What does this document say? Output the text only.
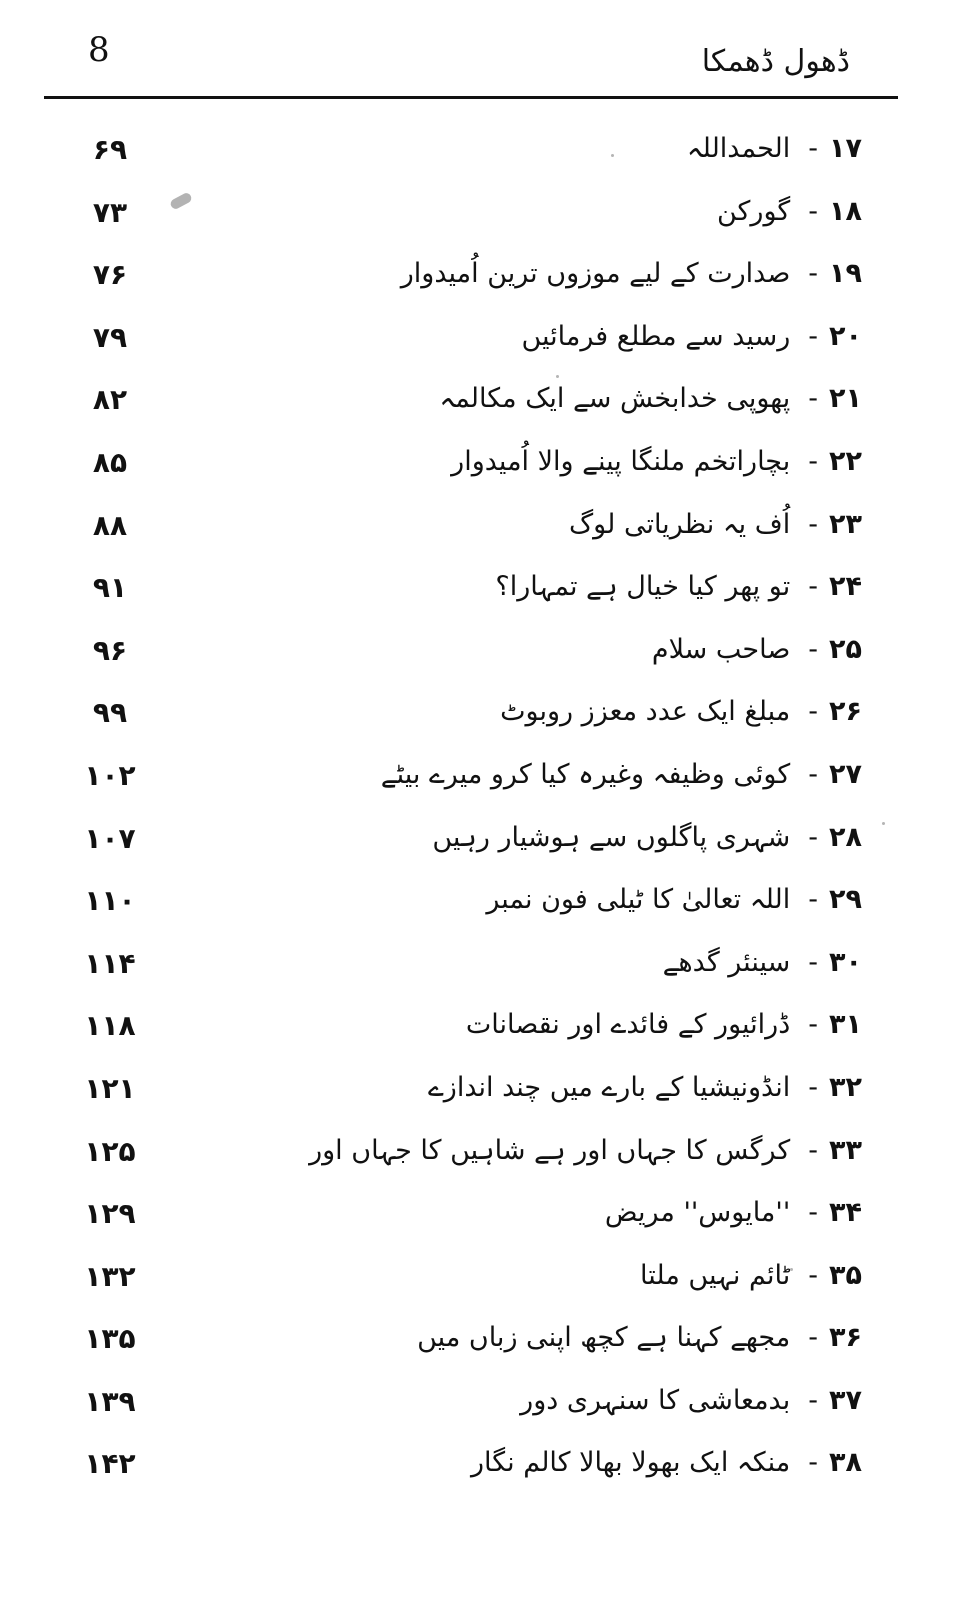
8	ڈھول ڈھمکا
۶۹	۱۷-الحمداللہ
۷۳	۱۸-گورکن
۷۶	۱۹-صدارت کے لیے موزوں ترین اُمیدوار
۷۹	۲۰-رسید سے مطلع فرمائیں
۸۲	۲۱-پھوپی خدابخش سے ایک مکالمہ
۸۵	۲۲-بچاراتخم ملنگا پینے والا اُمیدوار
۸۸	۲۳-اُف یہ نظریاتی لوگ
۹۱	۲۴-تو پھر کیا خیال ہے تمہارا؟
۹۶	۲۵-صاحب سلام
۹۹	۲۶-مبلغ ایک عدد معزز روبوٹ
۱۰۲	۲۷-کوئی وظیفہ وغیرہ کیا کرو میرے بیٹے
۱۰۷	۲۸-شہری پاگلوں سے ہوشیار رہیں
۱۱۰	۲۹-اللہ تعالیٰ کا ٹیلی فون نمبر
۱۱۴	۳۰-سینئر گدھے
۱۱۸	۳۱-ڈرائیور کے فائدے اور نقصانات
۱۲۱	۳۲-انڈونیشیا کے بارے میں چند اندازے
۱۲۵	۳۳-کرگس کا جہاں اور ہے شاہیں کا جہاں اور
۱۲۹	۳۴-''مایوس'' مریض
۱۳۲	۳۵-ٹائم نہیں ملتا
۱۳۵	۳۶-مجھے کہنا ہے کچھ اپنی زباں میں
۱۳۹	۳۷-بدمعاشی کا سنہری دور
۱۴۲	۳۸-منکہ ایک بھولا بھالا کالم نگار
